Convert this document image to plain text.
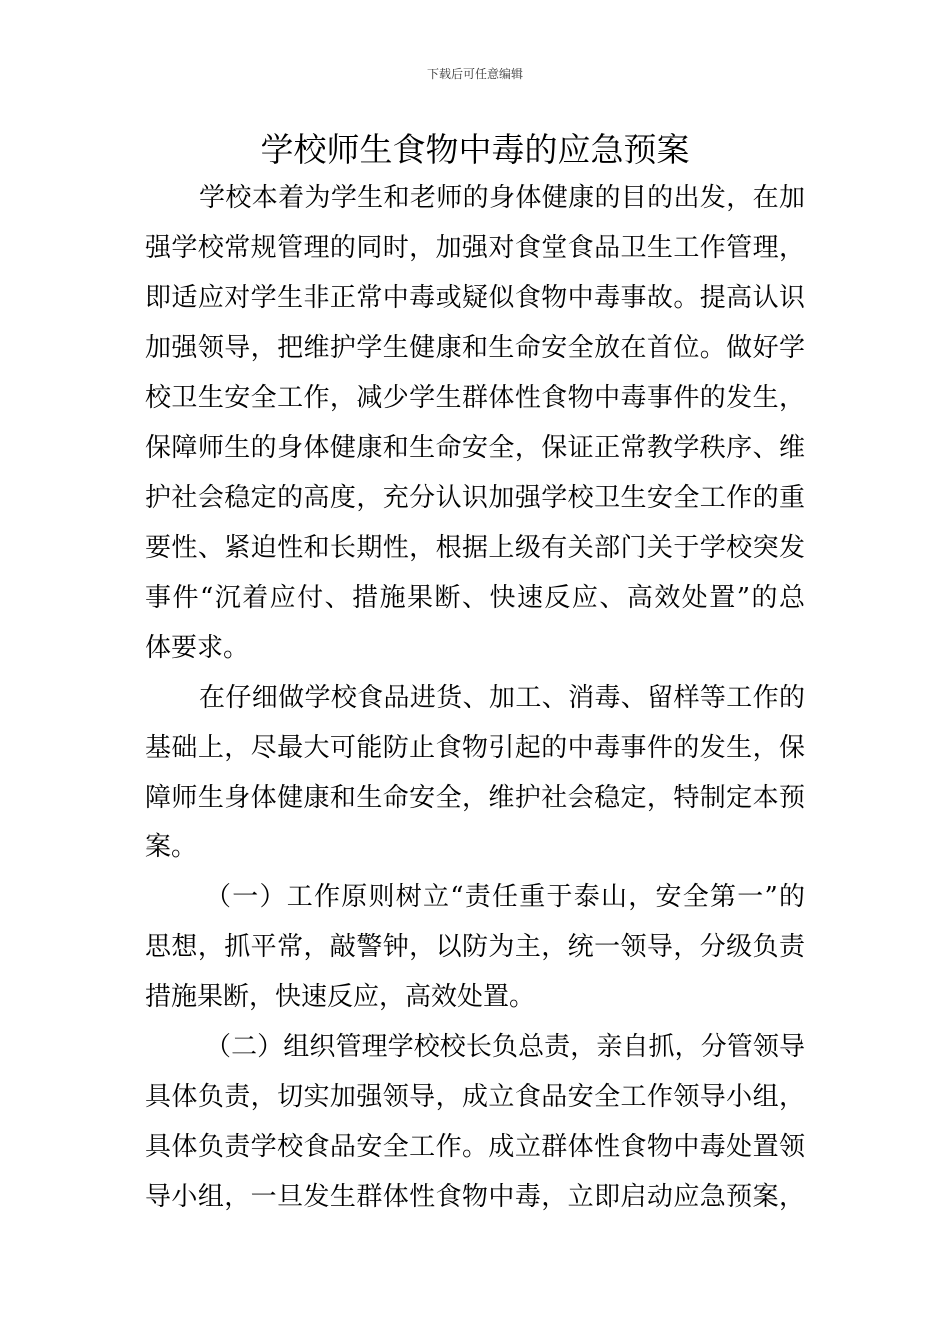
下载后可任意编辑
学校师生食物中毒的应急预案
学校本着为学生和老师的身体健康的目的出发，在加
强学校常规管理的同时，加强对食堂食品卫生工作管理，
即适应对学生非正常中毒或疑似食物中毒事故。提高认识
加强领导，把维护学生健康和生命安全放在首位。做好学
校卫生安全工作，减少学生群体性食物中毒事件的发生，
保障师生的身体健康和生命安全，保证正常教学秩序、维
护社会稳定的高度，充分认识加强学校卫生安全工作的重
要性、紧迫性和长期性，根据上级有关部门关于学校突发
事件“沉着应付、措施果断、快速反应、高效处置”的总
体要求。
在仔细做学校食品进货、加工、消毒、留样等工作的
基础上，尽最大可能防止食物引起的中毒事件的发生，保
障师生身体健康和生命安全，维护社会稳定，特制定本预
案。
（一）工作原则树立“责任重于泰山，安全第一”的
思想，抓平常，敲警钟，以防为主，统一领导，分级负责
措施果断，快速反应，高效处置。
（二）组织管理学校校长负总责，亲自抓，分管领导
具体负责，切实加强领导，成立食品安全工作领导小组，
具体负责学校食品安全工作。成立群体性食物中毒处置领
导小组，一旦发生群体性食物中毒，立即启动应急预案，
